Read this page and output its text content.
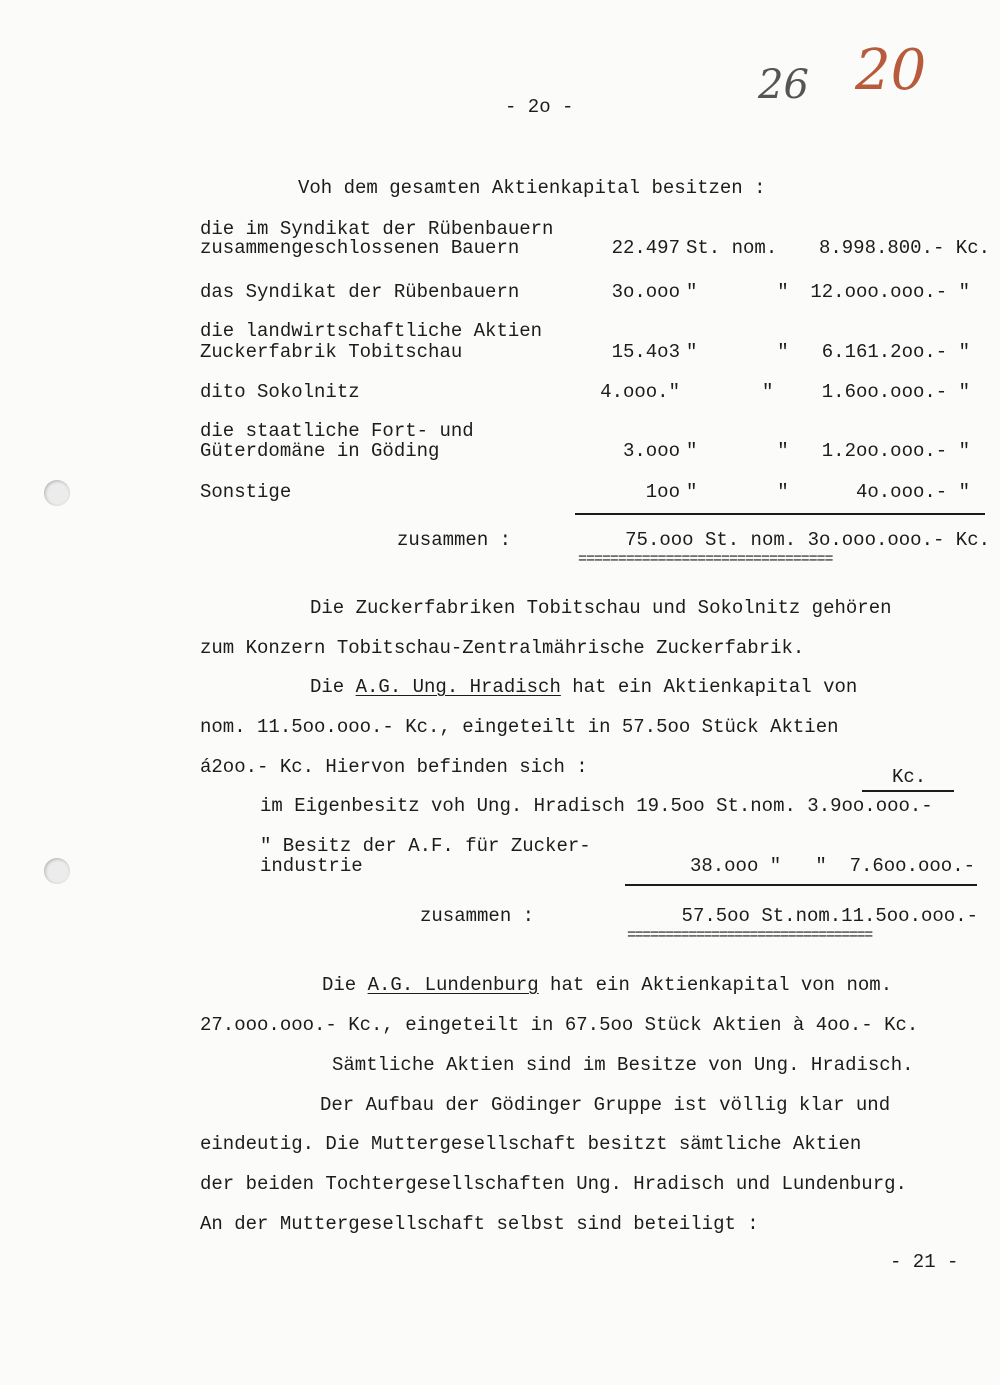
- 2o -	26 20
Voh dem gesamten Aktienkapital besitzen :
die im Syndikat der Rübenbauern
zusammengeschlossenen Bauern	22.497 St. nom.	8.998.800.- Kc.
das Syndikat der Rübenbauern	3o.ooo "       "	12.ooo.ooo.- "
die landwirtschaftliche Aktien
Zuckerfabrik Tobitschau	15.4o3 "       "	6.161.2oo.- "
dito Sokolnitz	4.ooo."	"	1.6oo.ooo.- "
die staatliche Fort- und
Güterdomäne in Göding	3.ooo "       "	1.2oo.ooo.- "
Sonstige	1oo "       "	4o.ooo.- "
zusammen :	75.ooo St. nom. 3o.ooo.ooo.- Kc.
================================
Die Zuckerfabriken Tobitschau und Sokolnitz gehören
zum Konzern Tobitschau-Zentralmährische Zuckerfabrik.
Die A.G. Ung. Hradisch hat ein Aktienkapital von
nom. 11.5oo.ooo.- Kc., eingeteilt in 57.5oo Stück Aktien
á2oo.- Kc. Hiervon befinden sich :	Kc.
im Eigenbesitz voh Ung. Hradisch 19.5oo St.nom. 3.9oo.ooo.-
" Besitz der A.F. für Zucker-
industrie	38.ooo "   "  7.6oo.ooo.-
zusammen :	57.5oo St.nom.11.5oo.ooo.-
================================
Die A.G. Lundenburg hat ein Aktienkapital von nom.
27.ooo.ooo.- Kc., eingeteilt in 67.5oo Stück Aktien à 4oo.- Kc.
Sämtliche Aktien sind im Besitze von Ung. Hradisch.
Der Aufbau der Gödinger Gruppe ist völlig klar und
eindeutig. Die Muttergesellschaft besitzt sämtliche Aktien
der beiden Tochtergesellschaften Ung. Hradisch und Lundenburg.
An der Muttergesellschaft selbst sind beteiligt :
- 21 -
